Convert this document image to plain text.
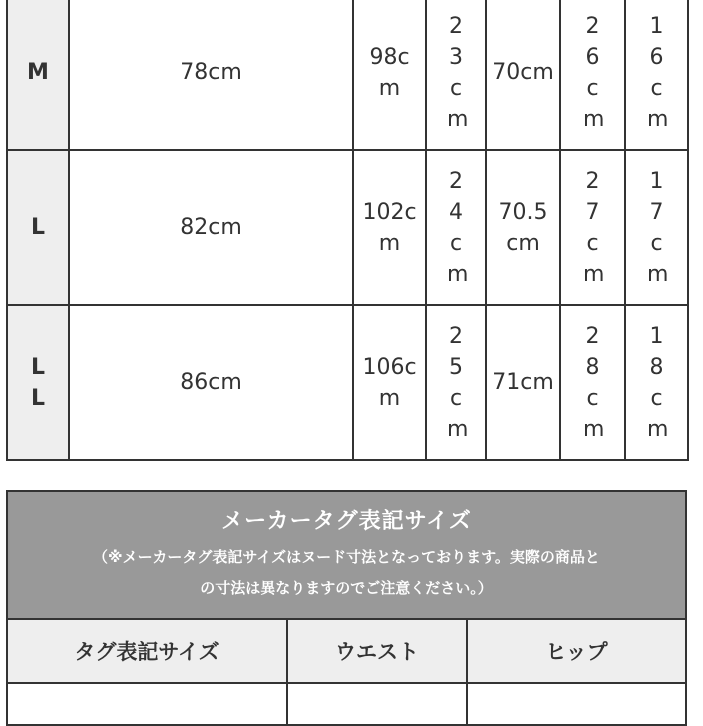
M	78cm	98cm	23cm	70cm	26cm	16cm

L	82cm	102cm	24cm	70.5cm	27cm	17cm

LL	86cm	106cm	25cm	71cm	28cm	18cm
メーカータグ表記サイズ
（※メーカータグ表記サイズはヌード寸法となっております。実際の商品と
の寸法は異なりますのでご注意ください。）
タグ表記サイズ	ウエスト	ヒップ
